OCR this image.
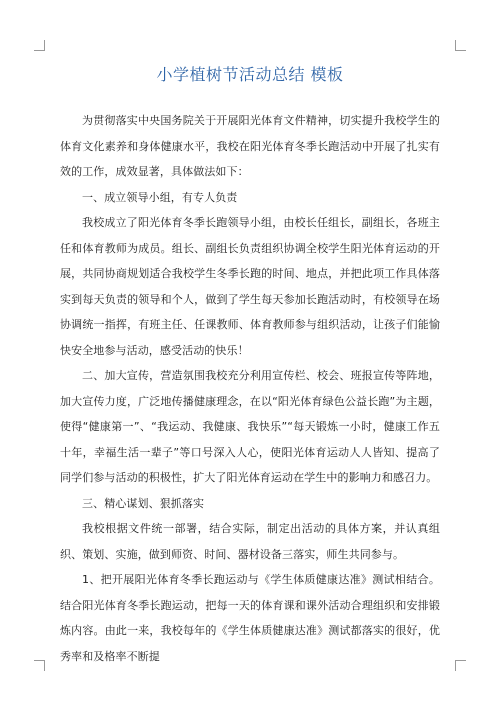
小学植树节活动总结 模板

为贯彻落实中央国务院关于开展阳光体育文件精神，切实提升我校学生的体育文化素养和身体健康水平，我校在阳光体育冬季长跑活动中开展了扎实有效的工作，成效显著，具体做法如下：

一、成立领导小组，有专人负责

我校成立了阳光体育冬季长跑领导小组，由校长任组长，副组长，各班主任和体育教师为成员。组长、副组长负责组织协调全校学生阳光体育运动的开展，共同协商规划适合我校学生冬季长跑的时间、地点，并把此项工作具体落实到每天负责的领导和个人，做到了学生每天参加长跑活动时，有校领导在场协调统一指挥，有班主任、任课教师、体育教师参与组织活动，让孩子们能愉快安全地参与活动，感受活动的快乐！

二、加大宣传，营造氛围我校充分利用宣传栏、校会、班报宣传等阵地，加大宣传力度，广泛地传播健康理念，在以“阳光体育绿色公益长跑”为主题，使得“健康第一”、“我运动、我健康、我快乐”“每天锻炼一小时，健康工作五十年，幸福生活一辈子”等口号深入人心，使阳光体育运动人人皆知、提高了同学们参与活动的积极性，扩大了阳光体育运动在学生中的影响力和感召力。

三、精心谋划、狠抓落实

我校根据文件统一部署，结合实际，制定出活动的具体方案，并认真组织、策划、实施，做到师资、时间、器材设备三落实，师生共同参与。

1、把开展阳光体育冬季长跑运动与《学生体质健康达准》测试相结合。结合阳光体育冬季长跑运动，把每一天的体育课和课外活动合理组织和安排锻炼内容。由此一来，我校每年的《学生体质健康达准》测试都落实的很好，优秀率和及格率不断提
